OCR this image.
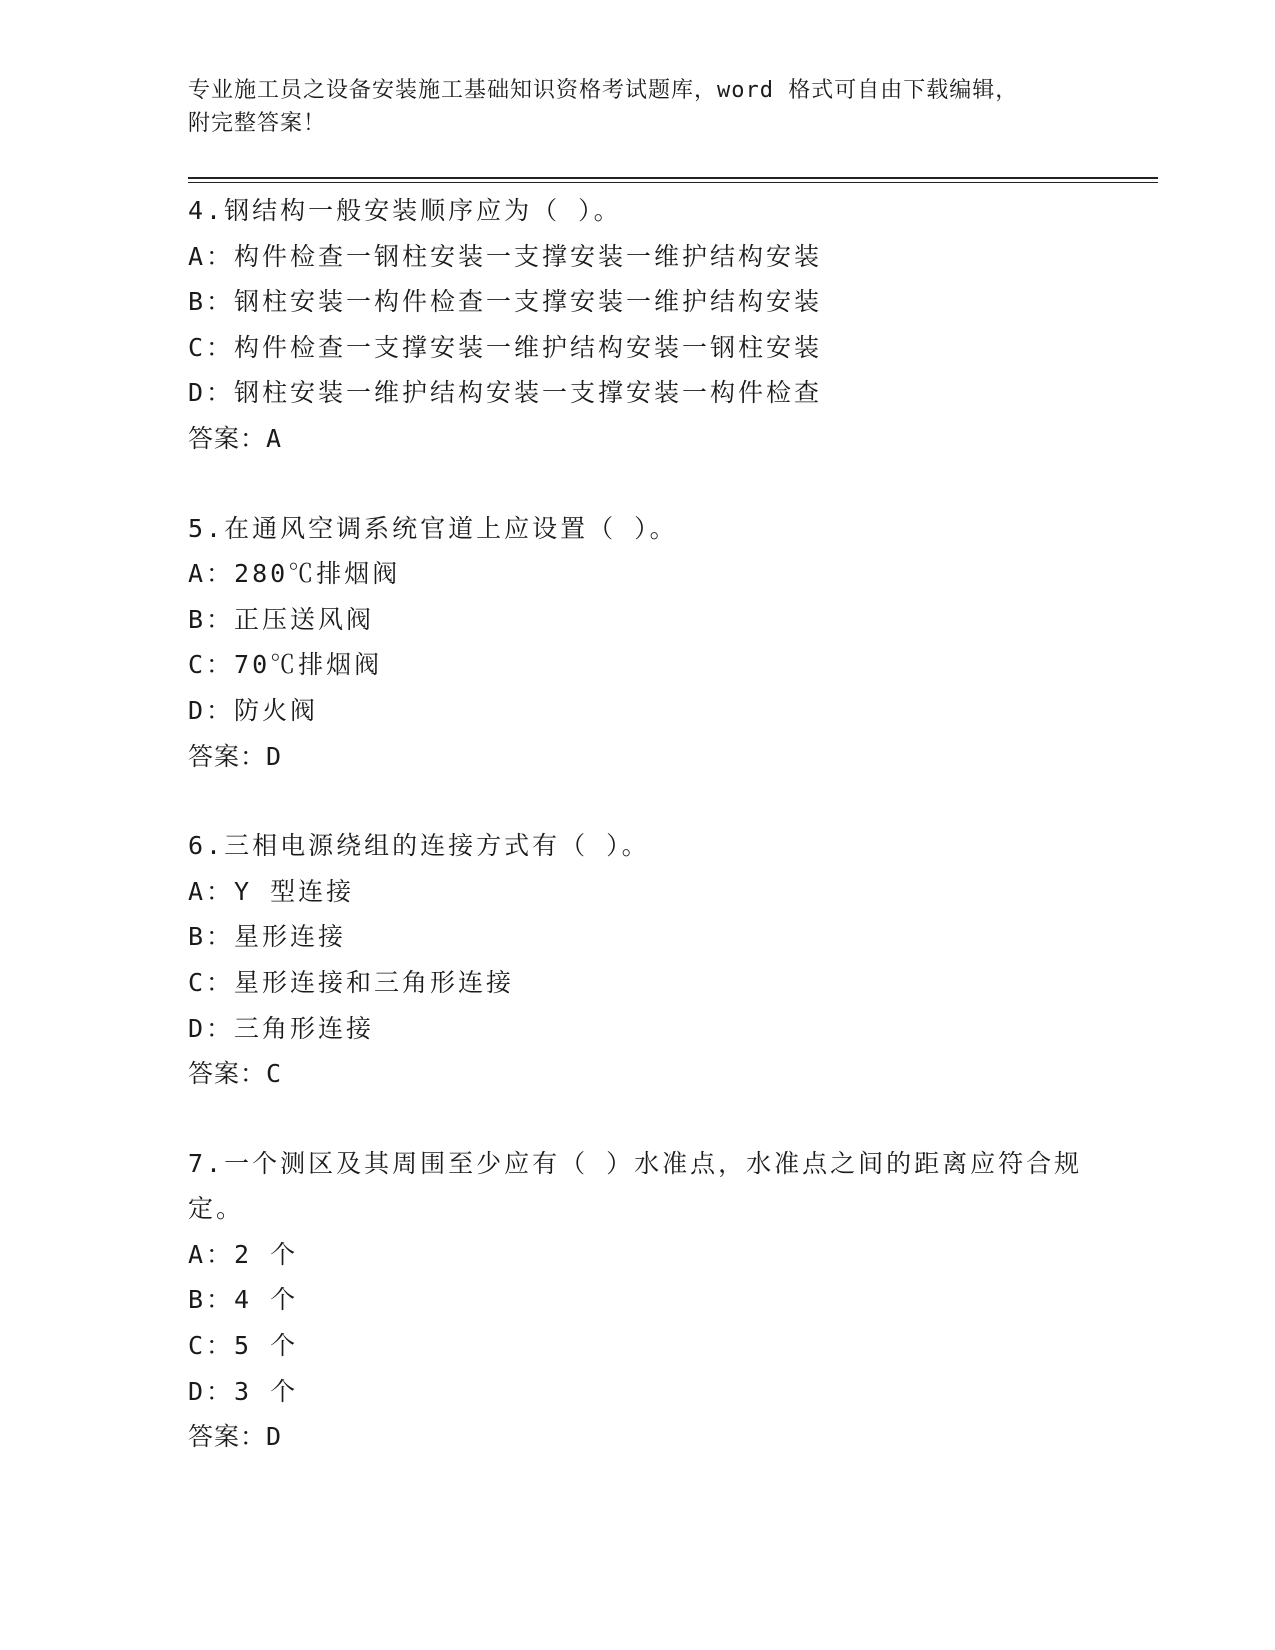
专业施工员之设备安装施工基础知识资格考试题库，word 格式可自由下载编辑，
附完整答案！
4.钢结构一般安装顺序应为（ ）。
A：构件检查一钢柱安装一支撑安装一维护结构安装
B：钢柱安装一构件检查一支撑安装一维护结构安装
C：构件检查一支撑安装一维护结构安装一钢柱安装
D：钢柱安装一维护结构安装一支撑安装一构件检查
答案：A
5.在通风空调系统官道上应设置（ ）。
A：280℃排烟阀
B：正压送风阀
C：70℃排烟阀
D：防火阀
答案：D
6.三相电源绕组的连接方式有（ ）。
A：Y 型连接
B：星形连接
C：星形连接和三角形连接
D：三角形连接
答案：C
7.一个测区及其周围至少应有（ ）水准点，水准点之间的距离应符合规定。
A：2 个
B：4 个
C：5 个
D：3 个
答案：D
